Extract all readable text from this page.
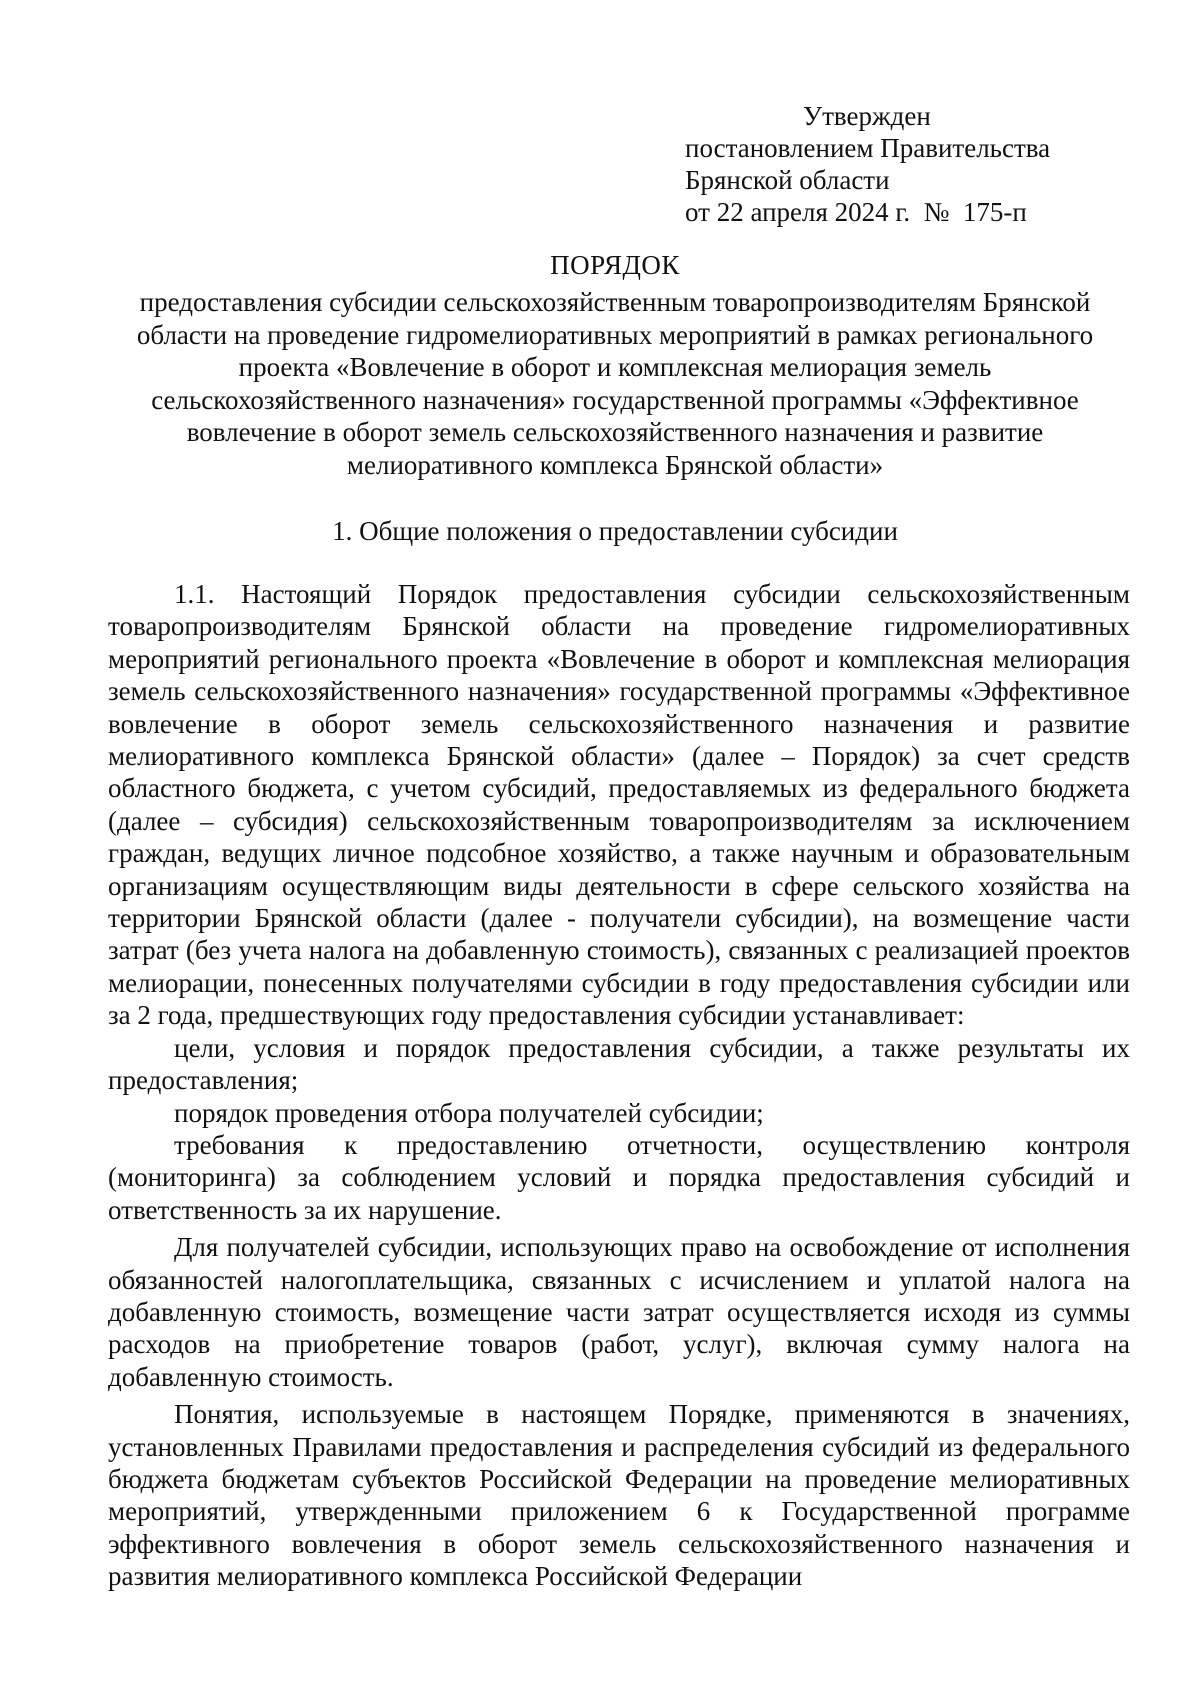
Утвержден
постановлением Правительства
Брянской области
от 22 апреля 2024 г.  №  175-п
ПОРЯДОК
предоставления субсидии сельскохозяйственным товаропроизводителям Брянской области на проведение гидромелиоративных мероприятий в рамках регионального проекта «Вовлечение в оборот и комплексная мелиорация земель сельскохозяйственного назначения» государственной программы «Эффективное вовлечение в оборот земель сельскохозяйственного назначения и развитие мелиоративного комплекса Брянской области»
1. Общие положения о предоставлении субсидии

1.1. Настоящий Порядок предоставления субсидии сельскохозяйственным товаропроизводителям Брянской области на проведение гидромелиоративных мероприятий регионального проекта «Вовлечение в оборот и комплексная мелиорация земель сельскохозяйственного назначения» государственной программы «Эффективное вовлечение в оборот земель сельскохозяйственного назначения и развитие мелиоративного комплекса Брянской области» (далее – Порядок) за счет средств областного бюджета, с учетом субсидий, предоставляемых из федерального бюджета (далее – субсидия) сельскохозяйственным товаропроизводителям за исключением граждан, ведущих личное подсобное хозяйство, а также научным и образовательным организациям осуществляющим виды деятельности в сфере сельского хозяйства на территории Брянской области (далее - получатели субсидии), на возмещение части затрат (без учета налога на добавленную стоимость), связанных с реализацией проектов мелиорации, понесенных получателями субсидии в году предоставления субсидии или за 2 года, предшествующих году предоставления субсидии устанавливает:

цели, условия и порядок предоставления субсидии, а также результаты их предоставления;

порядок проведения отбора получателей субсидии;

требования к предоставлению отчетности, осуществлению контроля (мониторинга) за соблюдением условий и порядка предоставления субсидий и ответственность за их нарушение.

Для получателей субсидии, использующих право на освобождение от исполнения обязанностей налогоплательщика, связанных с исчислением и уплатой налога на добавленную стоимость, возмещение части затрат осуществляется исходя из суммы расходов на приобретение товаров (работ, услуг), включая сумму налога на добавленную стоимость.

Понятия, используемые в настоящем Порядке, применяются в значениях, установленных Правилами предоставления и распределения субсидий из федерального бюджета бюджетам субъектов Российской Федерации на проведение мелиоративных мероприятий, утвержденными приложением 6 к Государственной программе эффективного вовлечения в оборот земель сельскохозяйственного назначения и развития мелиоративного комплекса Российской Федерации
